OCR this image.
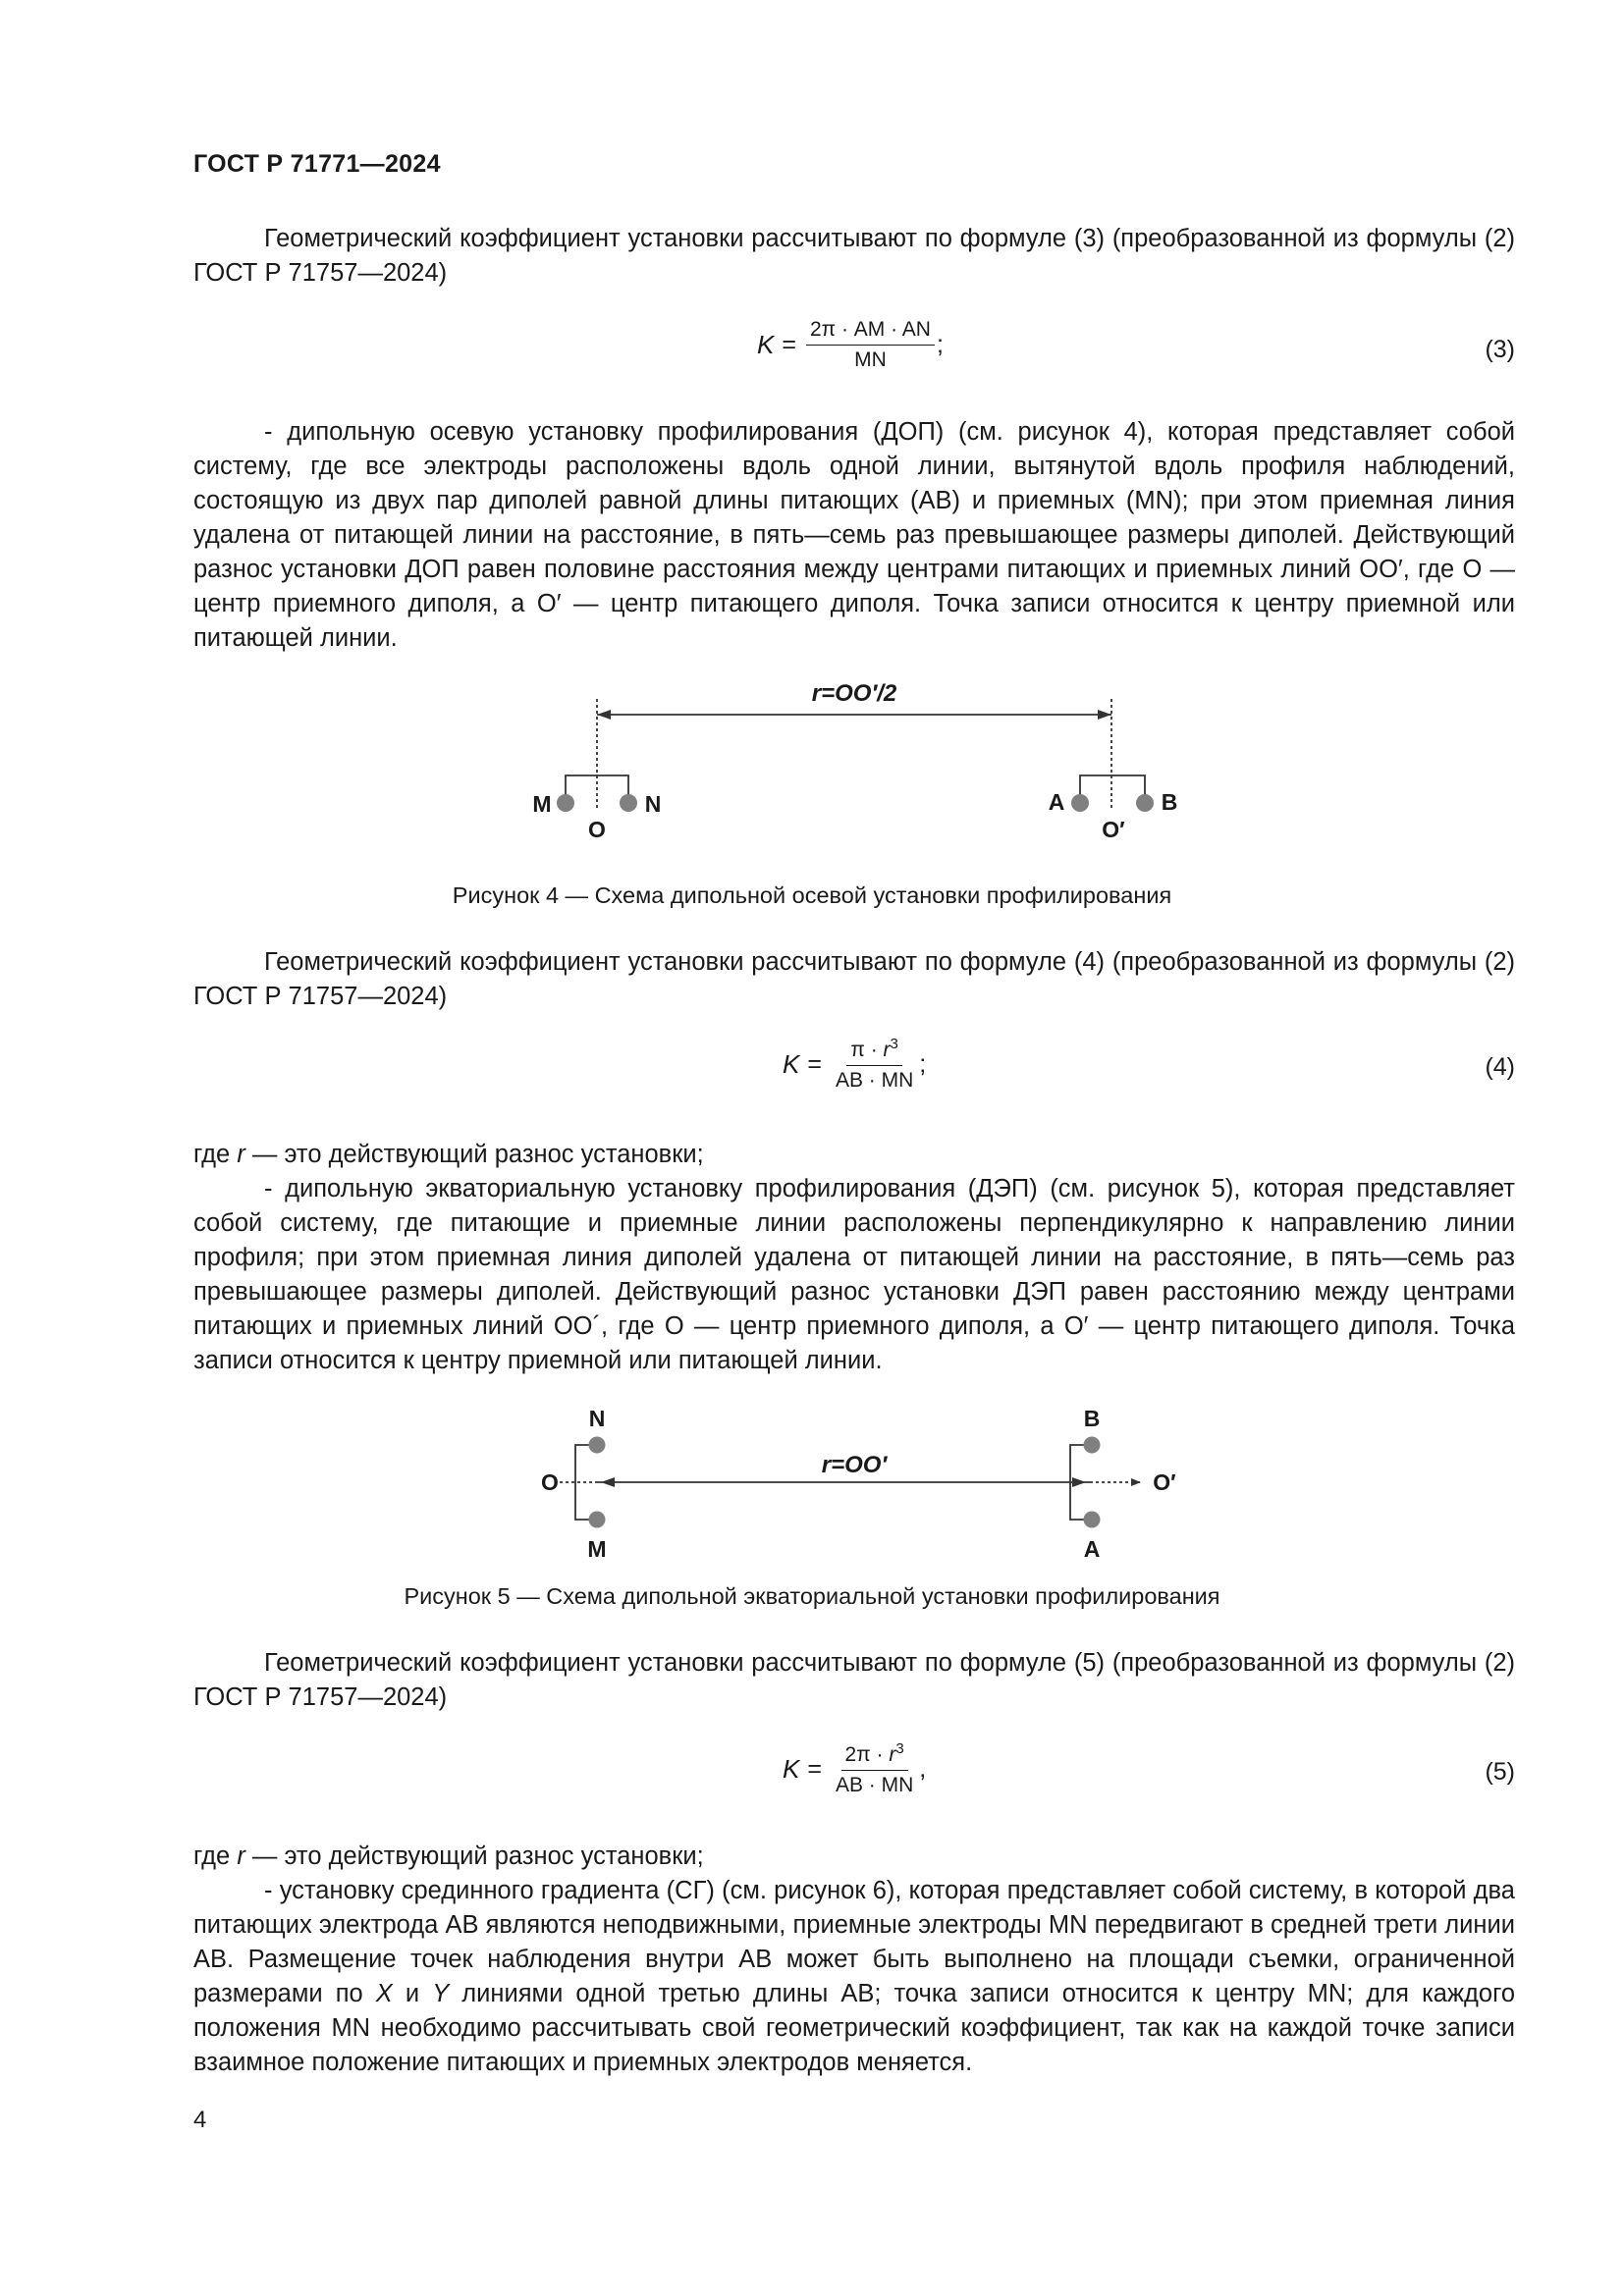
ГОСТ Р 71771—2024

Геометрический коэффициент установки рассчитывают по формуле (3) (преобразованной из формулы (2) ГОСТ Р 71757—2024)

$K = \frac{2\pi \cdot AM \cdot AN}{MN}$ ;	(3)

- дипольную осевую установку профилирования (ДОП) (см. рисунок 4), которая представляет собой систему, где все электроды расположены вдоль одной линии, вытянутой вдоль профиля наблюдений, состоящую из двух пар диполей равной длины питающих (AB) и приемных (MN); при этом приемная линия удалена от питающей линии на расстояние, в пять—семь раз превышающее размеры диполей. Действующий разнос установки ДОП равен половине расстояния между центрами питающих и приемных линий OO′, где O — центр приемного диполя, а O′ — центр питающего диполя. Точка записи относится к центру приемной или питающей линии.

r=OO′/2
M	N	A	B
O	O′
Рисунок 4 — Схема дипольной осевой установки профилирования

Геометрический коэффициент установки рассчитывают по формуле (4) (преобразованной из формулы (2) ГОСТ Р 71757—2024)

$K = \frac{\pi \cdot r^3}{AB \cdot MN}$ ;	(4)

где r — это действующий разнос установки;

- дипольную экваториальную установку профилирования (ДЭП) (см. рисунок 5), которая представляет собой систему, где питающие и приемные линии расположены перпендикулярно к направлению линии профиля; при этом приемная линия диполей удалена от питающей линии на расстояние, в пять—семь раз превышающее размеры диполей. Действующий разнос установки ДЭП равен расстоянию между центрами питающих и приемных линий OO´, где O — центр приемного диполя, а O′ — центр питающего диполя. Точка записи относится к центру приемной или питающей линии.

r=OO′
N
M
B
A
O	O′
Рисунок 5 — Схема дипольной экваториальной установки профилирования

Геометрический коэффициент установки рассчитывают по формуле (5) (преобразованной из формулы (2) ГОСТ Р 71757—2024)

$K = \frac{2\pi \cdot r^3}{AB \cdot MN}$ ,	(5)

где r — это действующий разнос установки;

- установку срединного градиента (СГ) (см. рисунок 6), которая представляет собой систему, в которой два питающих электрода AB являются неподвижными, приемные электроды MN передвигают в средней трети линии AB. Размещение точек наблюдения внутри AB может быть выполнено на площади съемки, ограниченной размерами по X и Y линиями одной третью длины AB; точка записи относится к центру MN; для каждого положения MN необходимо рассчитывать свой геометрический коэффициент, так как на каждой точке записи взаимное положение питающих и приемных электродов меняется.

4
